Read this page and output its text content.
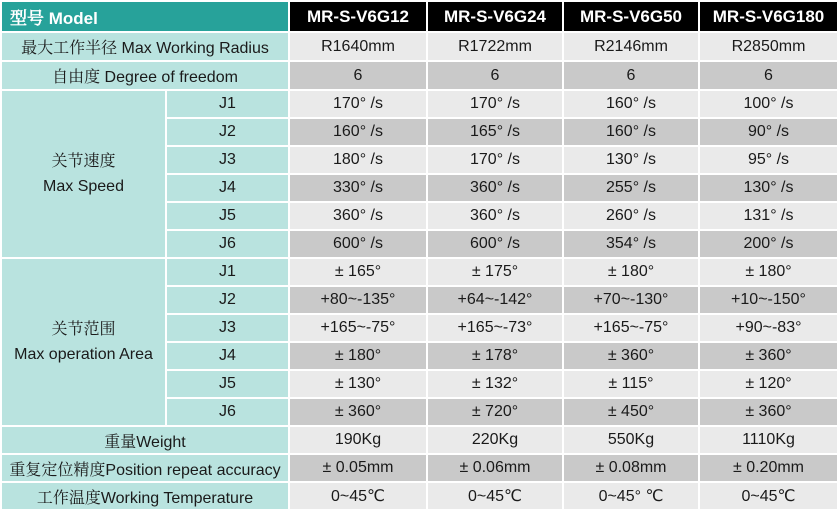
型号 Model		MR-S-V6G12	MR-S-V6G24	MR-S-V6G50	MR-S-V6G180
最大工作半径 Max Working Radius		R1640mm	R1722mm	R2146mm	R2850mm
自由度 Degree of freedom		6	6	6	6

关节速度
Max Speed	J1	170° /s	170° /s	160° /s	100° /s
	J2	160° /s	165° /s	160° /s	90° /s
	J3	180° /s	170° /s	130° /s	95° /s
	J4	330° /s	360° /s	255° /s	130° /s
	J5	360° /s	360° /s	260° /s	131° /s
	J6	600° /s	600° /s	354° /s	200° /s

关节范围
Max operation Area	J1	± 165°	± 175°	± 180°	± 180°
	J2	+80~-135°	+64~-142°	+70~-130°	+10~-150°
	J3	+165~-75°	+165~-73°	+165~-75°	+90~-83°
	J4	± 180°	± 178°	± 360°	± 360°
	J5	± 130°	± 132°	± 115°	± 120°
	J6	± 360°	± 720°	± 450°	± 360°
重量Weight		190Kg	220Kg	550Kg	1110Kg
重复定位精度Position repeat accuracy		± 0.05mm	± 0.06mm	± 0.08mm	± 0.20mm
工作温度Working Temperature		0~45℃	0~45℃	0~45° ℃	0~45℃
